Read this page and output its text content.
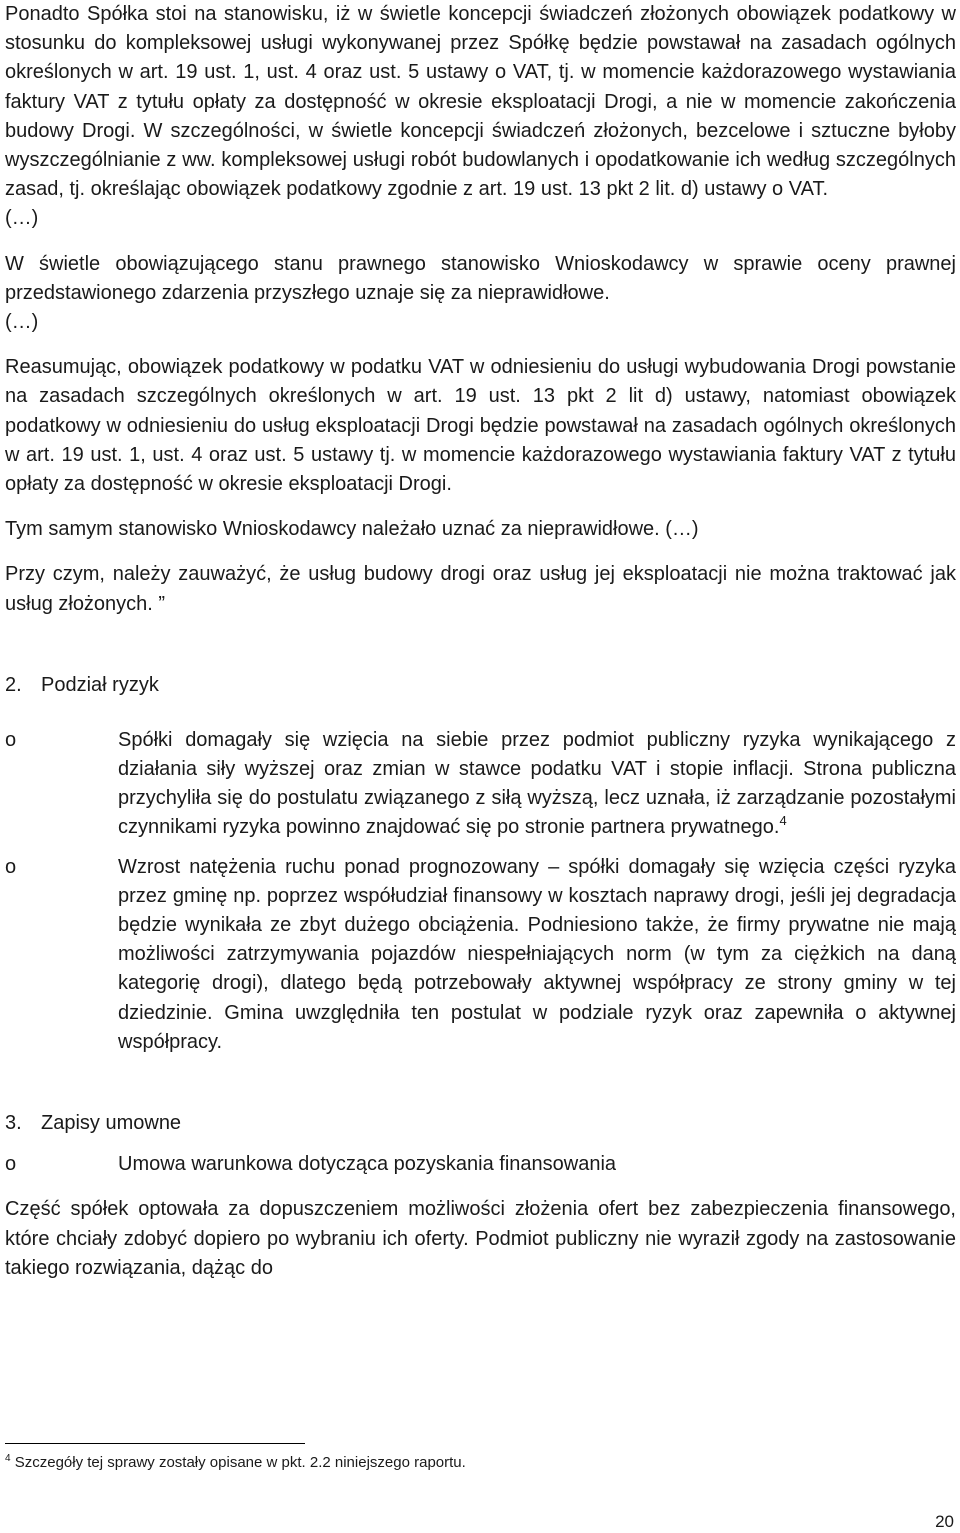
Ponadto Spółka stoi na stanowisku, iż w świetle koncepcji świadczeń złożonych obowiązek podatkowy w stosunku do kompleksowej usługi wykonywanej przez Spółkę będzie powstawał na zasadach ogólnych określonych w art. 19 ust. 1, ust. 4 oraz ust. 5 ustawy o VAT, tj. w momencie każdorazowego wystawiania faktury VAT z tytułu opłaty za dostępność w okresie eksploatacji Drogi, a nie w momencie zakończenia budowy Drogi. W szczególności, w świetle koncepcji świadczeń złożonych, bezcelowe i sztuczne byłoby wyszczególnianie z ww. kompleksowej usługi robót budowlanych i opodatkowanie ich według szczególnych zasad, tj. określając obowiązek podatkowy zgodnie z art. 19 ust. 13 pkt 2 lit. d) ustawy o VAT.

(…)

W świetle obowiązującego stanu prawnego stanowisko Wnioskodawcy w sprawie oceny prawnej przedstawionego zdarzenia przyszłego uznaje się za nieprawidłowe.

(…)

Reasumując, obowiązek podatkowy w podatku VAT w odniesieniu do usługi wybudowania Drogi powstanie na zasadach szczególnych określonych w art. 19 ust. 13 pkt 2 lit d) ustawy, natomiast obowiązek podatkowy w odniesieniu do usług eksploatacji Drogi będzie powstawał na zasadach ogólnych określonych w art. 19 ust. 1, ust. 4 oraz ust. 5 ustawy tj. w momencie każdorazowego wystawiania faktury VAT z tytułu opłaty za dostępność w okresie eksploatacji Drogi.

Tym samym stanowisko Wnioskodawcy należało uznać za nieprawidłowe. (…)

Przy czym, należy zauważyć, że usług budowy drogi oraz usług jej eksploatacji nie można traktować jak usług złożonych. ”

2. Podział ryzyk
o	Spółki domagały się wzięcia na siebie przez podmiot publiczny ryzyka wynikającego z działania siły wyższej oraz zmian w stawce podatku VAT i stopie inflacji. Strona publiczna przychyliła się do postulatu związanego z siłą wyższą, lecz uznała, iż zarządzanie pozostałymi czynnikami ryzyka powinno znajdować się po stronie partnera prywatnego.$^4$
o	Wzrost natężenia ruchu ponad prognozowany – spółki domagały się wzięcia części ryzyka przez gminę np. poprzez współudział finansowy w kosztach naprawy drogi, jeśli jej degradacja będzie wynikała ze zbyt dużego obciążenia. Podniesiono także, że firmy prywatne nie mają możliwości zatrzymywania pojazdów niespełniających norm (w tym za ciężkich na daną kategorię drogi), dlatego będą potrzebowały aktywnej współpracy ze strony gminy w tej dziedzinie. Gmina uwzględniła ten postulat w podziale ryzyk oraz zapewniła o aktywnej współpracy.
3. Zapisy umowne
o	Umowa warunkowa dotycząca pozyskania finansowania

Część spółek optowała za dopuszczeniem możliwości złożenia ofert bez zabezpieczenia finansowego, które chciały zdobyć dopiero po wybraniu ich oferty. Podmiot publiczny nie wyraził zgody na zastosowanie takiego rozwiązania, dążąc do

$^4$ Szczegóły tej sprawy zostały opisane w pkt. 2.2 niniejszego raportu.
20
